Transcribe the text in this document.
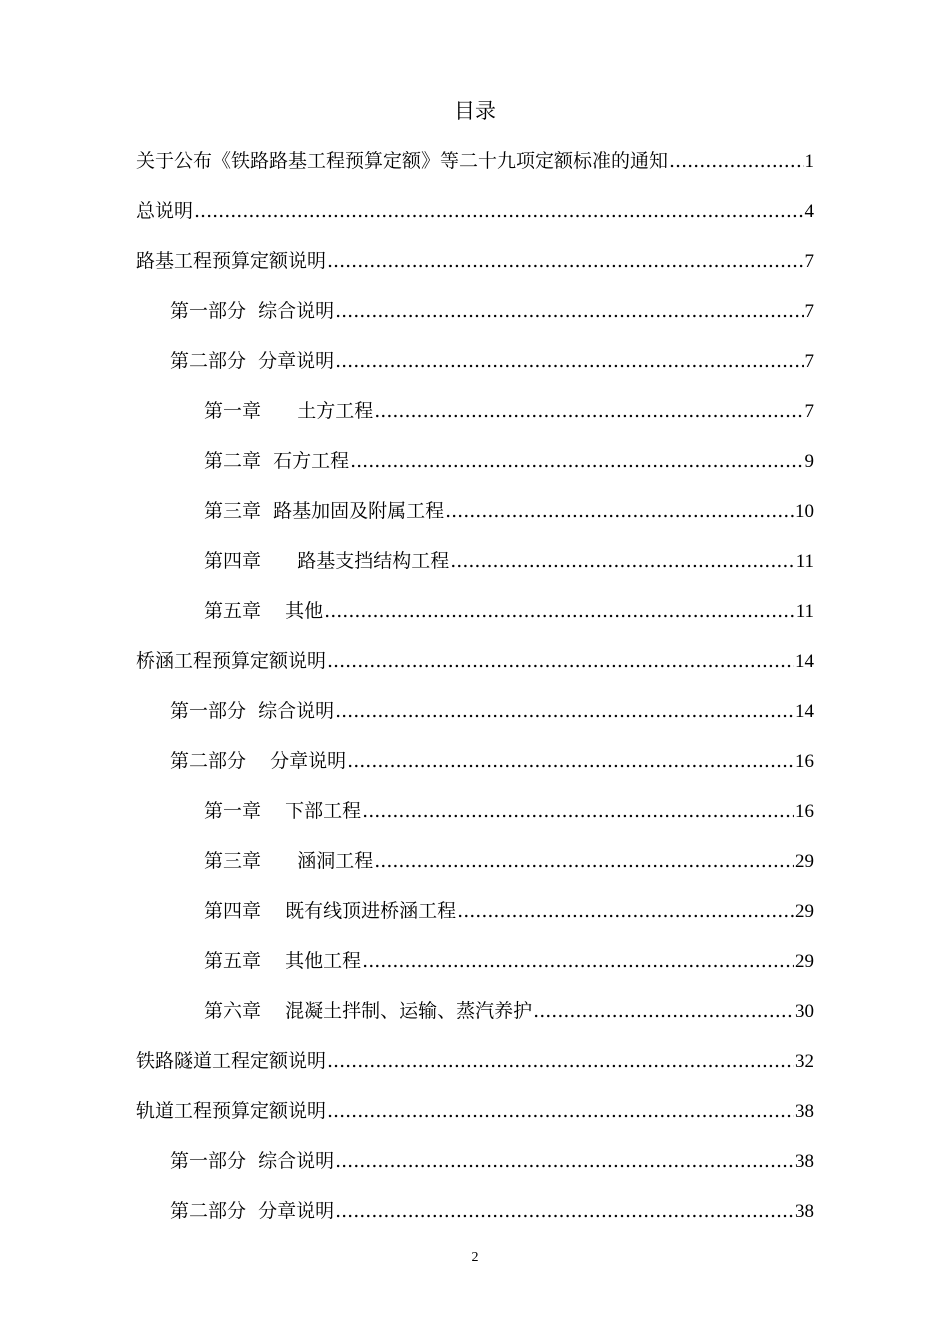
目录
关于公布《铁路路基工程预算定额》等二十九项定额标准的通知 .....	1
总说明 .....	4
路基工程预算定额说明 .....	7
第一部分  综合说明 .....	7
第二部分  分章说明 .....	7
第一章      土方工程 .....	7
第二章  石方工程 .....	9
第三章  路基加固及附属工程 .....	10
第四章      路基支挡结构工程 .....	11
第五章    其他 .....	11
桥涵工程预算定额说明 .....	14
第一部分  综合说明 .....	14
第二部分    分章说明 .....	16
第一章    下部工程 .....	16
第三章      涵洞工程 .....	29
第四章    既有线顶进桥涵工程 .....	29
第五章    其他工程 .....	29
第六章    混凝土拌制、运输、蒸汽养护 .....	30
铁路隧道工程定额说明 .....	32
轨道工程预算定额说明 .....	38
第一部分  综合说明 .....	38
第二部分  分章说明 .....	38
2
